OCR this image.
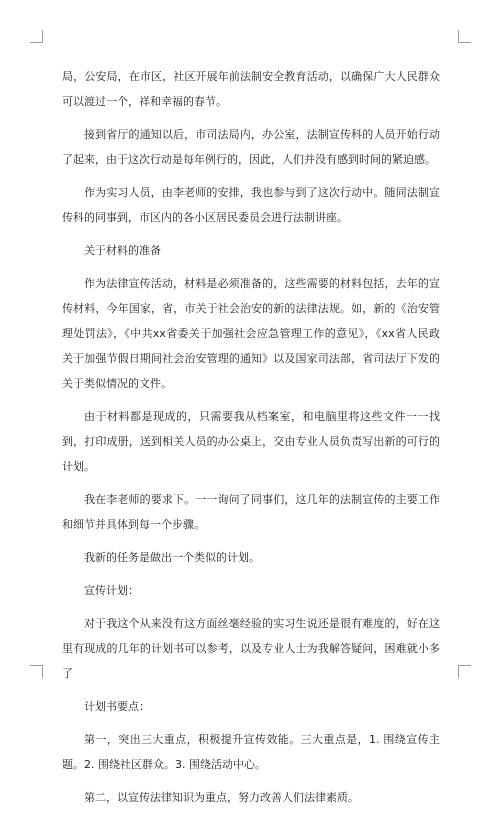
局，公安局，在市区，社区开展年前法制安全教育活动，以确保广大人民群众可以渡过一个，祥和幸福的春节。

接到省厅的通知以后，市司法局内，办公室，法制宣传科的人员开始行动了起来，由于这次行动是每年例行的，因此，人们并没有感到时间的紧迫感。

作为实习人员，由李老师的安排，我也参与到了这次行动中。随同法制宣传科的同事到，市区内的各小区居民委员会进行法制讲座。

关于材料的准备

作为法律宣传活动，材料是必须准备的，这些需要的材料包括，去年的宣传材料，今年国家，省，市关于社会治安的新的法律法规。如，新的《治安管理处罚法》，《中共xx省委关于加强社会应急管理工作的意见》，《xx省人民政关于加强节假日期间社会治安管理的通知》以及国家司法部，省司法厅下发的关于类似情况的文件。

由于材料都是现成的，只需要我从档案室，和电脑里将这些文件一一找到，打印成册，送到相关人员的办公桌上，交由专业人员负责写出新的可行的计划。

我在李老师的要求下。一一询问了同事们，这几年的法制宣传的主要工作和细节并具体到每一个步骤。

我新的任务是做出一个类似的计划。

宣传计划：

对于我这个从来没有这方面丝毫经验的实习生说还是很有难度的，好在这里有现成的几年的计划书可以参考，以及专业人士为我解答疑问，困难就小多了

计划书要点：

第一，突出三大重点，积极提升宣传效能。三大重点是，1. 围绕宣传主题。2. 围绕社区群众。3. 围绕活动中心。

第二，以宣传法律知识为重点，努力改善人们法律素质。
